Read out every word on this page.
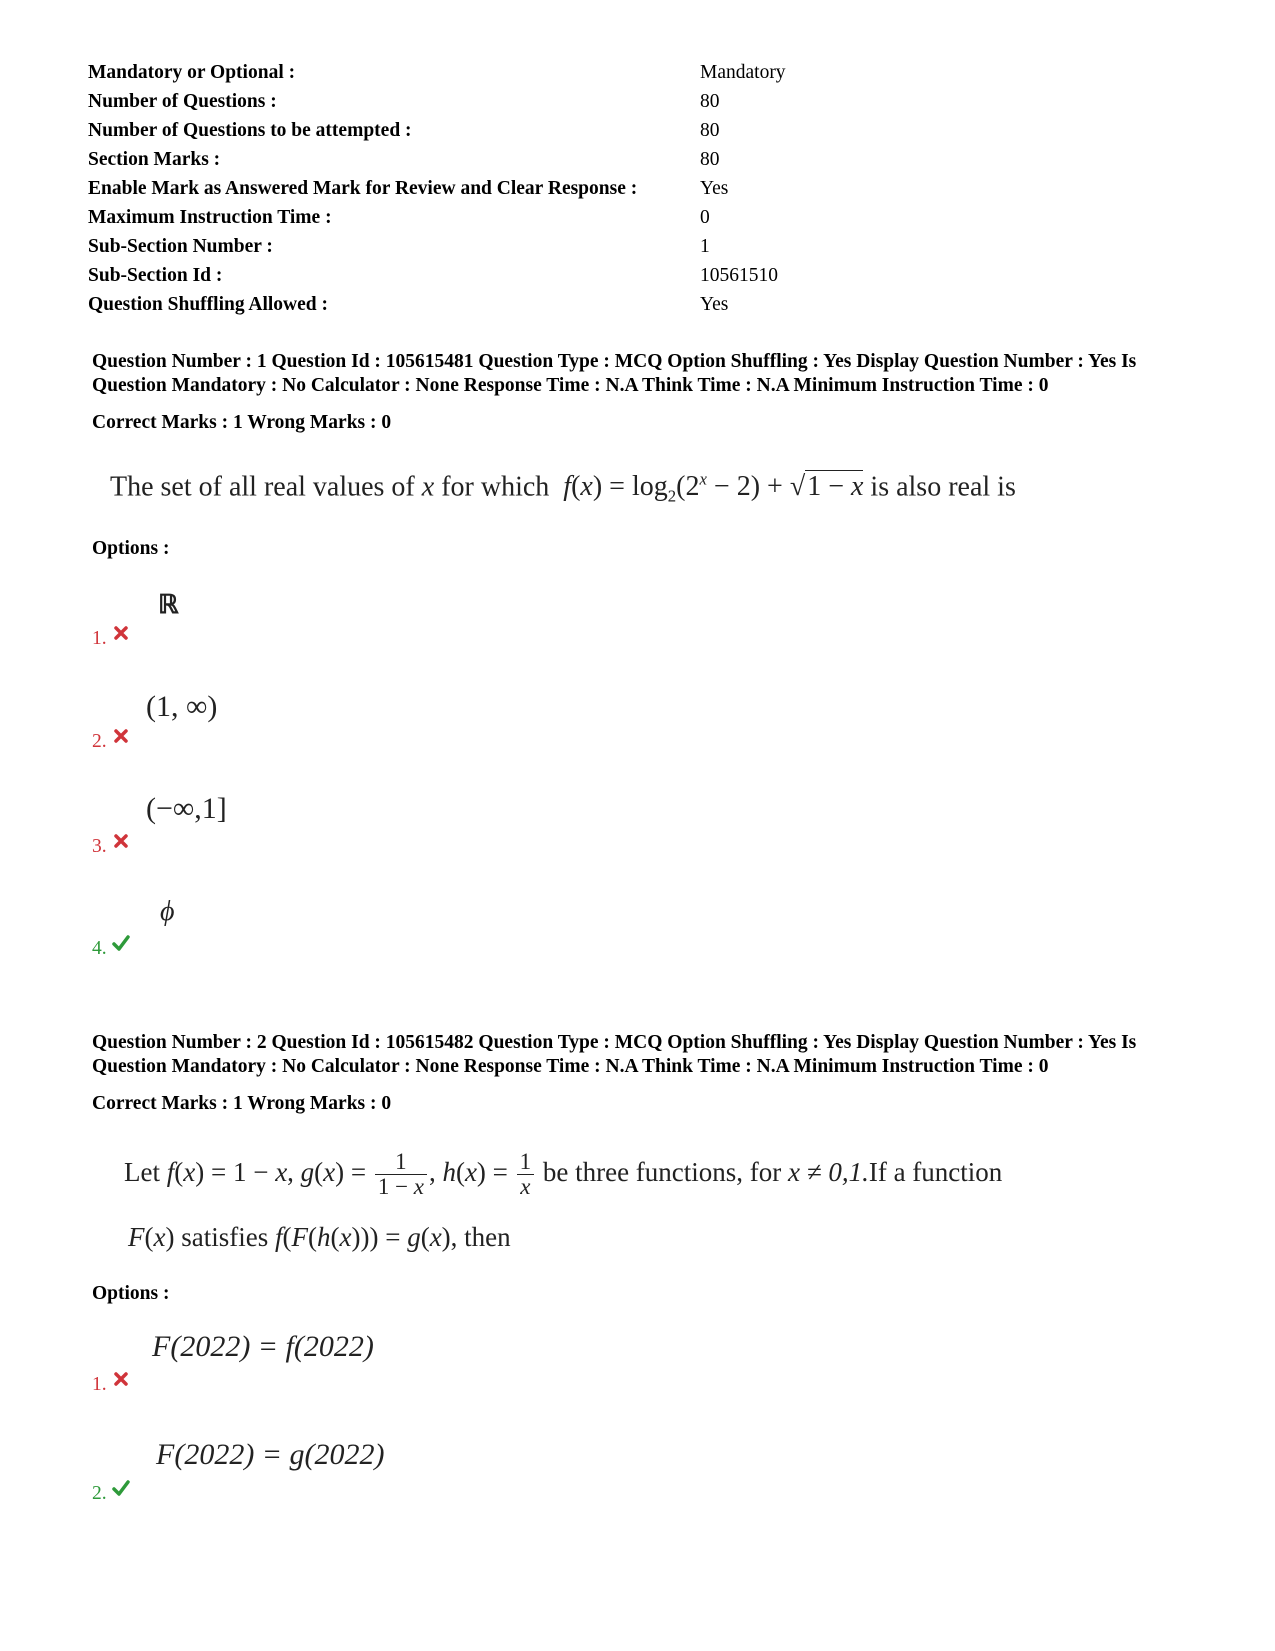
Mandatory or Optional :	Mandatory
Number of Questions :	80
Number of Questions to be attempted :	80
Section Marks :	80
Enable Mark as Answered Mark for Review and Clear Response :	Yes
Maximum Instruction Time :	0
Sub-Section Number :	1
Sub-Section Id :	10561510
Question Shuffling Allowed :	Yes
Question Number : 1 Question Id : 105615481 Question Type : MCQ Option Shuffling : Yes Display Question Number : Yes Is Question Mandatory : No Calculator : None Response Time : N.A Think Time : N.A Minimum Instruction Time : 0
Correct Marks : 1 Wrong Marks : 0
The set of all real values of x for which $f(x) = \log_2(2^x - 2) + √1 - x$ is also real is
Options :
ℝ
1.
(1, ∞)
2.
(−∞,1]
3.
ϕ
4.
Question Number : 2 Question Id : 105615482 Question Type : MCQ Option Shuffling : Yes Display Question Number : Yes Is Question Mandatory : No Calculator : None Response Time : N.A Think Time : N.A Minimum Instruction Time : 0
Correct Marks : 1 Wrong Marks : 0
Let f(x) = 1 − x, $g(x) = \frac{1}{1 - x}$ , $h(x) = \frac{1}{x}$ be three functions, for x ≠ 0,1.If a function
F(x) satisfies f(F(h(x))) = g(x), then
Options :
F(2022) = f(2022)
1.
F(2022) = g(2022)
2.
